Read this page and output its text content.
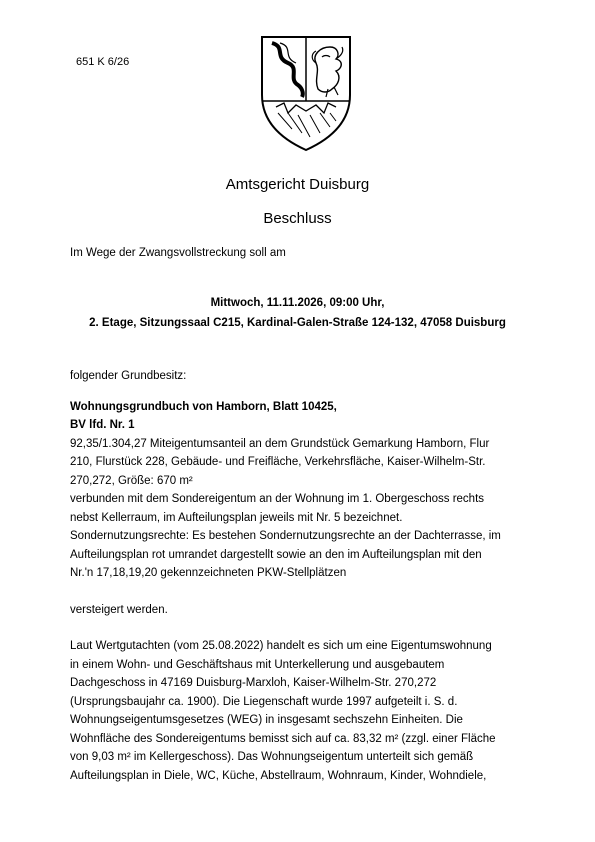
651 K 6/26
Amtsgericht Duisburg
Beschluss
Im Wege der Zwangsvollstreckung soll am
Mittwoch, 11.11.2026, 09:00 Uhr,
2. Etage, Sitzungssaal C215, Kardinal-Galen-Straße 124-132, 47058 Duisburg
folgender Grundbesitz:
Wohnungsgrundbuch von Hamborn, Blatt 10425,
BV lfd. Nr. 1
92,35/1.304,27 Miteigentumsanteil an dem Grundstück Gemarkung Hamborn, Flur
210, Flurstück 228, Gebäude- und Freifläche, Verkehrsfläche, Kaiser-Wilhelm-Str.
270,272, Größe: 670 m²
verbunden mit dem Sondereigentum an der Wohnung im 1. Obergeschoss rechts
nebst Kellerraum, im Aufteilungsplan jeweils mit Nr. 5 bezeichnet.
Sondernutzungsrechte: Es bestehen Sondernutzungsrechte an der Dachterrasse, im
Aufteilungsplan rot umrandet dargestellt sowie an den im Aufteilungsplan mit den
Nr.'n 17,18,19,20 gekennzeichneten PKW-Stellplätzen
versteigert werden.
Laut Wertgutachten (vom 25.08.2022) handelt es sich um eine Eigentumswohnung
in einem Wohn- und Geschäftshaus mit Unterkellerung und ausgebautem
Dachgeschoss in 47169 Duisburg-Marxloh, Kaiser-Wilhelm-Str. 270,272
(Ursprungsbaujahr ca. 1900). Die Liegenschaft wurde 1997 aufgeteilt i. S. d.
Wohnungseigentumsgesetzes (WEG) in insgesamt sechszehn Einheiten. Die
Wohnfläche des Sondereigentums bemisst sich auf ca. 83,32 m² (zzgl. einer Fläche
von 9,03 m² im Kellergeschoss). Das Wohnungseigentum unterteilt sich gemäß
Aufteilungsplan in Diele, WC, Küche, Abstellraum, Wohnraum, Kinder, Wohndiele,
